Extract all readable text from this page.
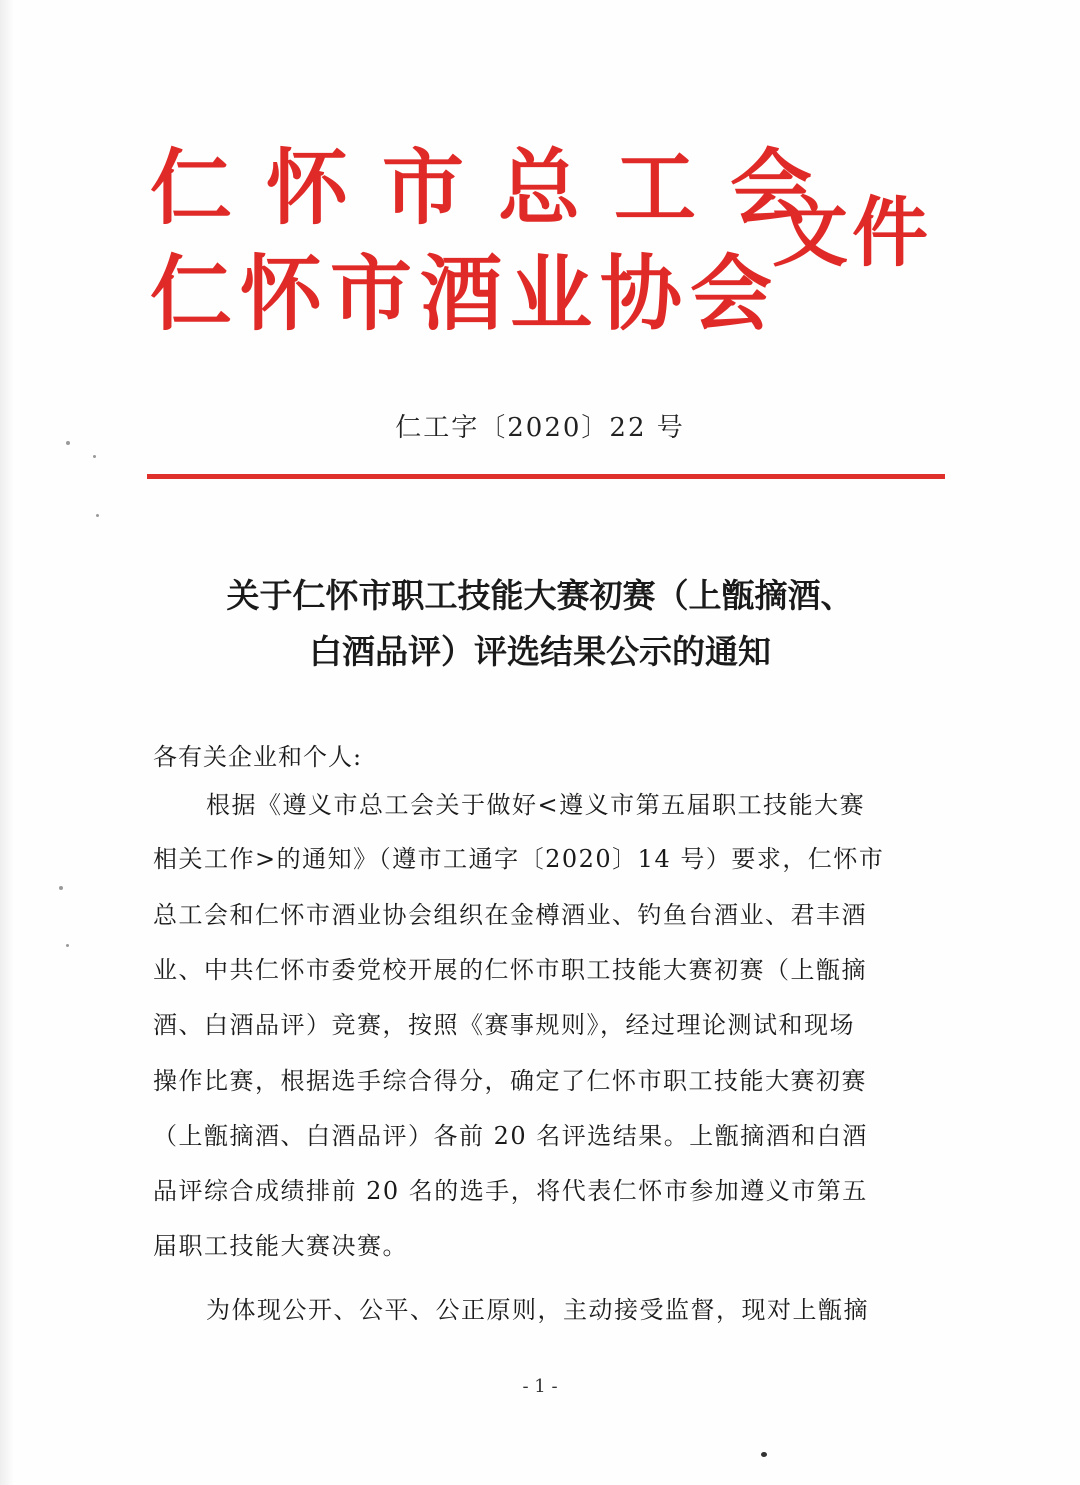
仁怀市总工会
仁怀市酒业协会
文件
仁工字〔2020〕22 号
关于仁怀市职工技能大赛初赛（上甑摘酒、
白酒品评）评选结果公示的通知
各有关企业和个人:
根据《遵义市总工会关于做好<遵义市第五届职工技能大赛
相关工作>的通知》（遵市工通字〔2020〕14 号）要求，仁怀市
总工会和仁怀市酒业协会组织在金樽酒业、钓鱼台酒业、君丰酒
业、中共仁怀市委党校开展的仁怀市职工技能大赛初赛（上甑摘
酒、白酒品评）竞赛，按照《赛事规则》，经过理论测试和现场
操作比赛，根据选手综合得分，确定了仁怀市职工技能大赛初赛
（上甑摘酒、白酒品评）各前 20 名评选结果。上甑摘酒和白酒
品评综合成绩排前 20 名的选手，将代表仁怀市参加遵义市第五
届职工技能大赛决赛。
为体现公开、公平、公正原则，主动接受监督，现对上甑摘
- 1 -
